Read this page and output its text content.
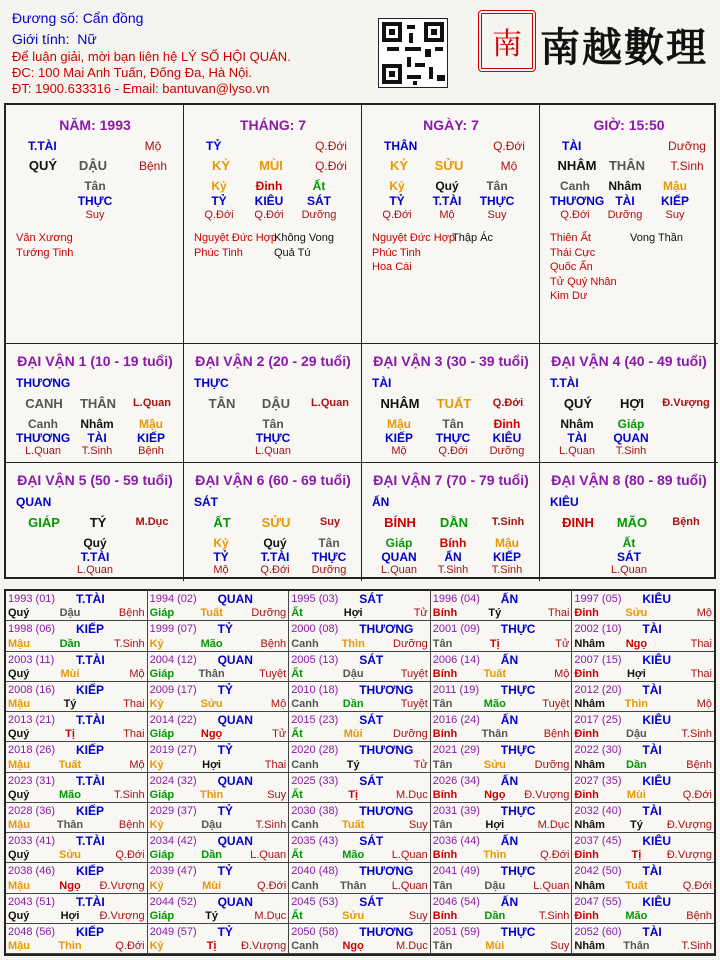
Đương số: Cẩn đồng
Giới tính: Nữ
Để luận giải, mời bạn liên hệ LÝ SỐ HỘI QUÁN.
ĐC: 100 Mai Anh Tuấn, Đống Đa, Hà Nội.
ĐT: 1900.633316 - Email: bantuvan@lyso.vn
南 南越數理
NĂM: 1993
T.TÀI	Mộ
QUÝ	DẬU	Bệnh
Tân
THỰC
Suy
Văn Xương
Tướng Tinh
THÁNG: 7
TỶ	Q.Đới
KỶ	MÙI	Q.Đới
Kỷ
TỶ
Q.Đới
Đinh
KIÊU
Q.Đới
Ất
SÁT
Dưỡng
Nguyệt Đức Hợp
Phúc Tinh
Không Vong
Quả Tú
NGÀY: 7
THÂN	Q.Đới
KỶ	SỬU	Mộ
Kỷ
TỶ
Q.Đới
Quý
T.TÀI
Mộ
Tân
THỰC
Suy
Nguyệt Đức Hợp
Phúc Tinh
Hoa Cái
Thập Ác
GIỜ: 15:50
TÀI	Dưỡng
NHÂM THÂN	T.Sinh
Canh
THƯƠNG
Q.Đới
Nhâm
TÀI
Dưỡng
Mậu
KIẾP
Suy
Thiên Ất
Thái Cực
Quốc Ấn
Tử Quý Nhân
Kim Dư
Vong Thần
ĐẠI VẬN 1 (10 - 19 tuổi)
THƯƠNG
CANH	THÂN	L.Quan
Canh
THƯƠNG
L.Quan
Nhâm
TÀI
T.Sinh
Mậu
KIẾP
Bệnh
ĐẠI VẬN 2 (20 - 29 tuổi)
THỰC
TÂN	DẬU	L.Quan
Tân
THỰC
L.Quan
ĐẠI VẬN 3 (30 - 39 tuổi)
TÀI
NHÂM	TUẤT	Q.Đới
Mậu
KIẾP
Mộ
Tân
THỰC
Q.Đới
Đinh
KIÊU
Dưỡng
ĐẠI VẬN 4 (40 - 49 tuổi)
T.TÀI
QUÝ	HỢI	Đ.Vượng
Nhâm
TÀI
L.Quan
Giáp
QUAN
T.Sinh
ĐẠI VẬN 5 (50 - 59 tuổi)
QUAN
GIÁP	TÝ	M.Dục
Quý
T.TÀI
L.Quan
ĐẠI VẬN 6 (60 - 69 tuổi)
SÁT
ẤT	SỬU	Suy
Kỷ
TỶ
Mộ
Quý
T.TÀI
Q.Đới
Tân
THỰC
Dưỡng
ĐẠI VẬN 7 (70 - 79 tuổi)
ẤN
BÍNH	DẦN	T.Sinh
Giáp
QUAN
L.Quan
Bính
ẤN
T.Sinh
Mậu
KIẾP
T.Sinh
ĐẠI VẬN 8 (80 - 89 tuổi)
KIÊU
ĐINH	MÃO	Bệnh
Ất
SÁT
L.Quan
1993 (01) T.TÀI
Quý	Dậu	Bệnh
1994 (02) QUAN
Giáp	Tuất	Dưỡng
1995 (03) SÁT
Ất	Hợi	Tử
1996 (04) ẤN
Bính	Tý	Thai
1997 (05) KIÊU
Đinh	Sửu	Mộ
1998 (06) KIẾP
Mậu	Dần	T.Sinh
1999 (07) TỶ
Kỷ	Mão	Bệnh
2000 (08) THƯƠNG
Canh	Thìn	Dưỡng
2001 (09) THỰC
Tân	Tị	Tử
2002 (10) TÀI
Nhâm	Ngọ	Thai
2003 (11) T.TÀI
Quý	Mùi	Mộ
2004 (12) QUAN
Giáp	Thân	Tuyệt
2005 (13) SÁT
Ất	Dậu	Tuyệt
2006 (14) ẤN
Bính	Tuất	Mộ
2007 (15) KIÊU
Đinh	Hợi	Thai
2008 (16) KIẾP
Mậu	Tý	Thai
2009 (17) TỶ
Kỷ	Sửu	Mộ
2010 (18) THƯƠNG
Canh	Dần	Tuyệt
2011 (19) THỰC
Tân	Mão	Tuyệt
2012 (20) TÀI
Nhâm	Thìn	Mộ
2013 (21) T.TÀI
Quý	Tị	Thai
2014 (22) QUAN
Giáp	Ngọ	Tử
2015 (23) SÁT
Ất	Mùi	Dưỡng
2016 (24) ẤN
Bính	Thân	Bệnh
2017 (25) KIÊU
Đinh	Dậu	T.Sinh
2018 (26) KIẾP
Mậu	Tuất	Mộ
2019 (27) TỶ
Kỷ	Hợi	Thai
2020 (28) THƯƠNG
Canh	Tý	Tử
2021 (29) THỰC
Tân	Sửu	Dưỡng
2022 (30) TÀI
Nhâm	Dần	Bệnh
2023 (31) T.TÀI
Quý	Mão	T.Sinh
2024 (32) QUAN
Giáp	Thìn	Suy
2025 (33) SÁT
Ất	Tị	M.Dục
2026 (34) ẤN
Bính	Ngọ	Đ.Vượng
2027 (35) KIÊU
Đinh	Mùi	Q.Đới
2028 (36) KIẾP
Mậu	Thân	Bệnh
2029 (37) TỶ
Kỷ	Dậu	T.Sinh
2030 (38) THƯƠNG
Canh	Tuất	Suy
2031 (39) THỰC
Tân	Hợi	M.Dục
2032 (40) TÀI
Nhâm	Tý	Đ.Vượng
2033 (41) T.TÀI
Quý	Sửu	Q.Đới
2034 (42) QUAN
Giáp	Dần	L.Quan
2035 (43) SÁT
Ất	Mão	L.Quan
2036 (44) ẤN
Bính	Thìn	Q.Đới
2037 (45) KIÊU
Đinh	Tị	Đ.Vượng
2038 (46) KIẾP
Mậu	Ngọ	Đ.Vượng
2039 (47) TỶ
Kỷ	Mùi	Q.Đới
2040 (48) THƯƠNG
Canh	Thân	L.Quan
2041 (49) THỰC
Tân	Dậu	L.Quan
2042 (50) TÀI
Nhâm	Tuất	Q.Đới
2043 (51) T.TÀI
Quý	Hợi	Đ.Vượng
2044 (52) QUAN
Giáp	Tý	M.Dục
2045 (53) SÁT
Ất	Sửu	Suy
2046 (54) ẤN
Bính	Dần	T.Sinh
2047 (55) KIÊU
Đinh	Mão	Bệnh
2048 (56) KIẾP
Mậu	Thìn	Q.Đới
2049 (57) TỶ
Kỷ	Tị	Đ.Vượng
2050 (58) THƯƠNG
Canh	Ngọ	M.Dục
2051 (59) THỰC
Tân	Mùi	Suy
2052 (60) TÀI
Nhâm	Thân	T.Sinh
